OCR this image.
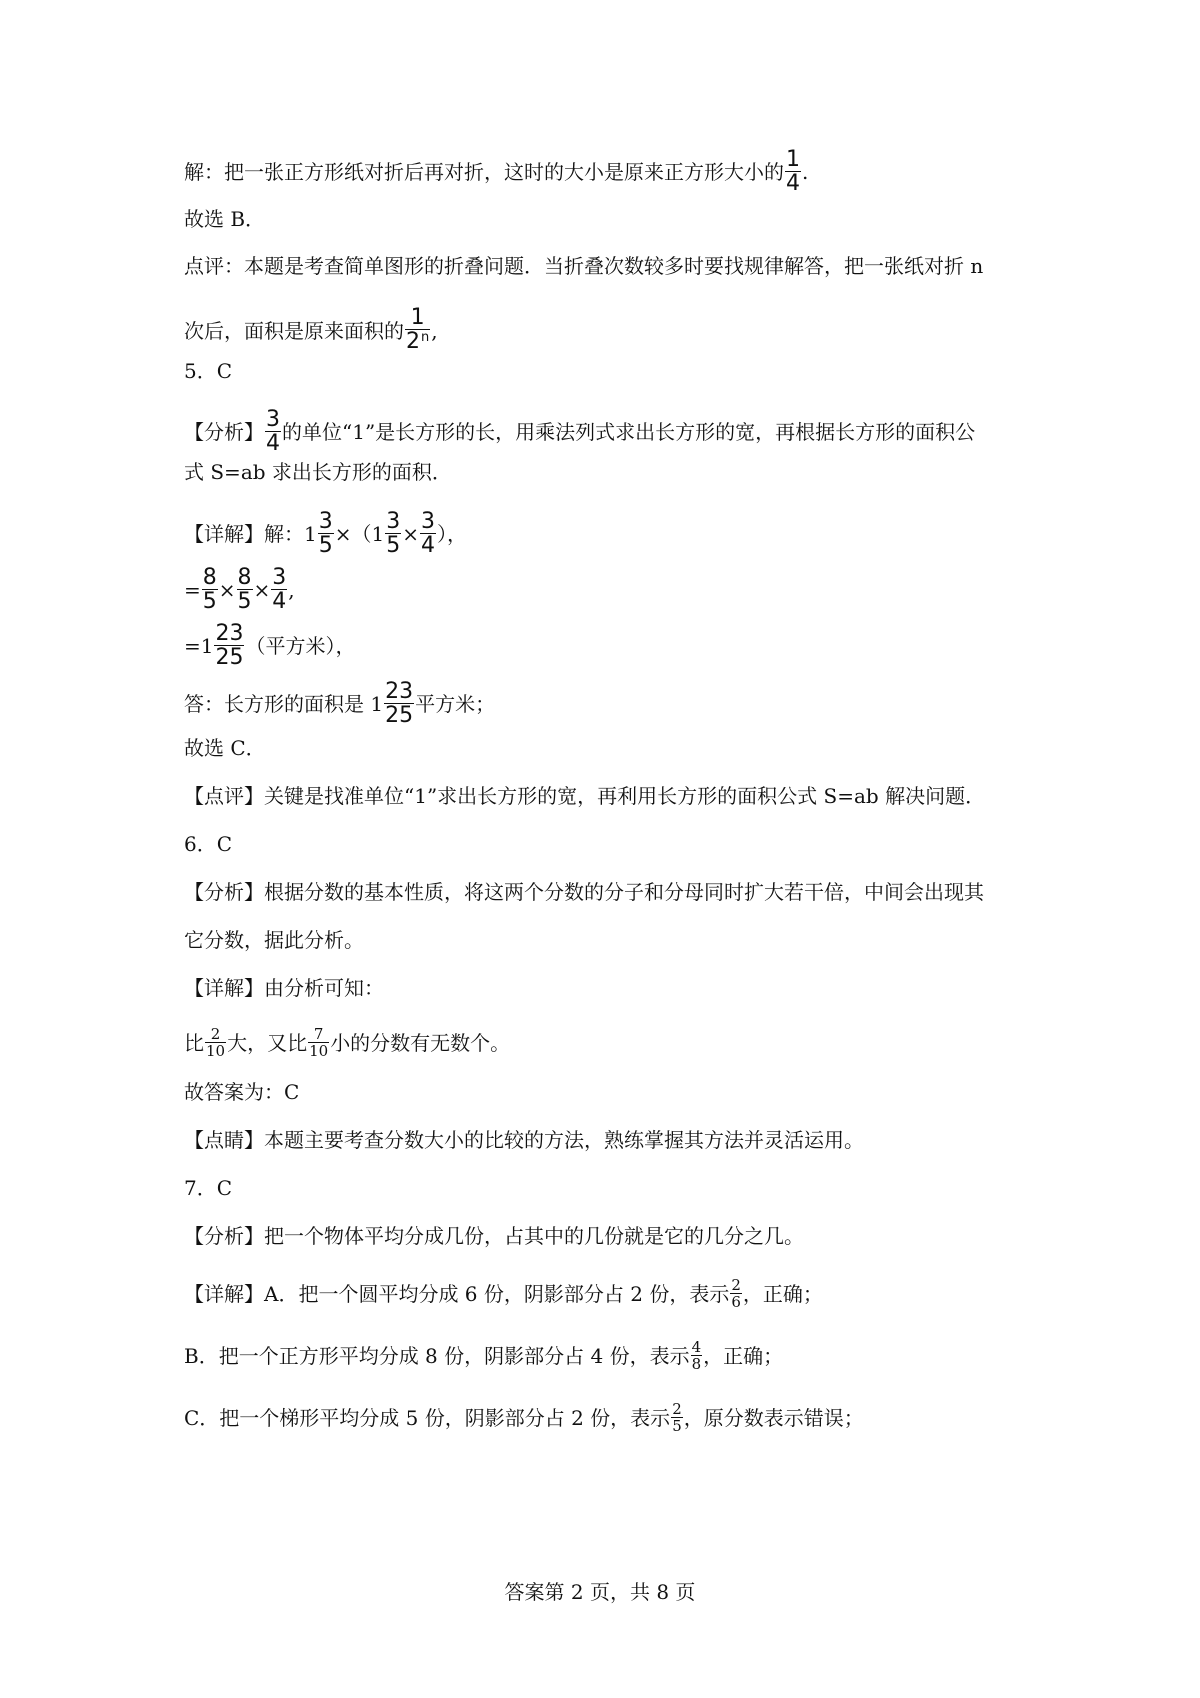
解：把一张正方形纸对折后再对折，这时的大小是原来正方形大小的 1
4 .
故选 B．
点评：本题是考查简单图形的折叠问题．当折叠次数较多时要找规律解答，把一张纸对折 n
次后，面积是原来面积的
1
2$^n$ ,
5．C
【分析】 3
4 的单位“1”是长方形的长，用乘法列式求出长方形的宽，再根据长方形的面积公
式 S=ab 求出长方形的面积．
【详解】解：1 3
5 ×（1 3
5 × 3
4 ），
= 8
5 × 8
5 × 3
4 ,
=1 23
25 （平方米），
答：长方形的面积是 1 23
25 平方米；
故选 C．
【点评】关键是找准单位“1”求出长方形的宽，再利用长方形的面积公式 S=ab 解决问题．
6．C
【分析】根据分数的基本性质，将这两个分数的分子和分母同时扩大若干倍，中间会出现其
它分数，据此分析。
【详解】由分析可知：
比 2
10 大，又比 7
10 小的分数有无数个。
故答案为：C
【点睛】本题主要考查分数大小的比较的方法，熟练掌握其方法并灵活运用。
7．C
【分析】把一个物体平均分成几份，占其中的几份就是它的几分之几。
【详解】A．把一个圆平均分成 6 份，阴影部分占 2 份，表示 2
6 ，正确；
B．把一个正方形平均分成 8 份，阴影部分占 4 份，表示 4
8 ，正确；
C．把一个梯形平均分成 5 份，阴影部分占 2 份，表示 2
5 ，原分数表示错误；
答案第 2 页，共 8 页
